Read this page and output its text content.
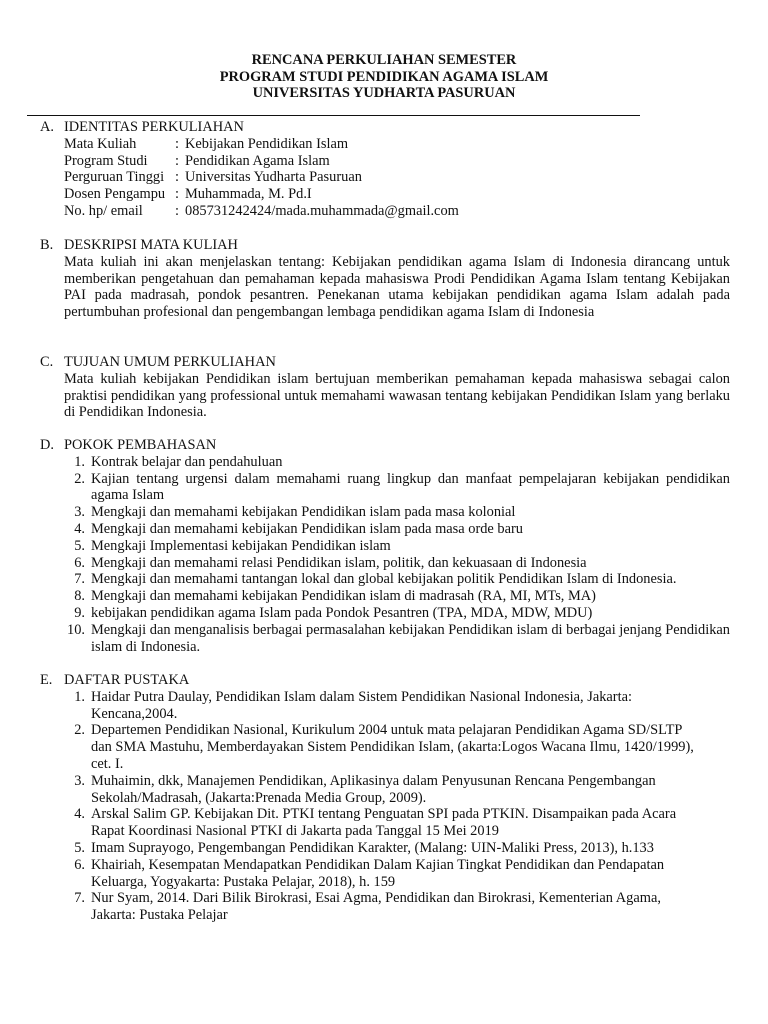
RENCANA PERKULIAHAN SEMESTER
PROGRAM STUDI PENDIDIKAN AGAMA ISLAM
UNIVERSITAS YUDHARTA PASURUAN
A. IDENTITAS PERKULIAHAN
Mata Kuliah	: Kebijakan Pendidikan Islam
Program Studi	: Pendidikan Agama Islam
Perguruan Tinggi : Universitas Yudharta Pasuruan
Dosen Pengampu : Muhammada, M. Pd.I
No. hp/ email	: 085731242424/mada.muhammada@gmail.com
B. DESKRIPSI MATA KULIAH
Mata kuliah ini akan menjelaskan tentang: Kebijakan pendidikan agama Islam di Indonesia dirancang untuk memberikan pengetahuan dan pemahaman kepada mahasiswa Prodi Pendidikan Agama Islam tentang Kebijakan PAI pada madrasah, pondok pesantren. Penekanan utama kebijakan pendidikan agama Islam adalah pada pertumbuhan profesional dan pengembangan lembaga pendidikan agama Islam di Indonesia
C. TUJUAN UMUM PERKULIAHAN
Mata kuliah kebijakan Pendidikan islam bertujuan memberikan pemahaman kepada mahasiswa sebagai calon praktisi pendidikan yang professional untuk memahami wawasan tentang kebijakan Pendidikan Islam yang berlaku di Pendidikan Indonesia.
D. POKOK PEMBAHASAN
1. Kontrak belajar dan pendahuluan
2. Kajian tentang urgensi dalam memahami ruang lingkup dan manfaat pempelajaran kebijakan pendidikan agama Islam
3. Mengkaji dan memahami kebijakan Pendidikan islam pada masa kolonial
4. Mengkaji dan memahami kebijakan Pendidikan islam pada masa orde baru
5. Mengkaji Implementasi kebijakan Pendidikan islam
6. Mengkaji dan memahami relasi Pendidikan islam, politik, dan kekuasaan di Indonesia
7. Mengkaji dan memahami tantangan lokal dan global kebijakan politik Pendidikan Islam di Indonesia.
8. Mengkaji dan memahami kebijakan Pendidikan islam di madrasah (RA, MI, MTs, MA)
9. kebijakan pendidikan agama Islam pada Pondok Pesantren (TPA, MDA, MDW, MDU)
10. Mengkaji dan menganalisis berbagai permasalahan kebijakan Pendidikan islam di berbagai jenjang Pendidikan islam di Indonesia.
E. DAFTAR PUSTAKA
1. Haidar Putra Daulay, Pendidikan Islam dalam Sistem Pendidikan Nasional Indonesia, Jakarta: Kencana,2004.
2. Departemen Pendidikan Nasional, Kurikulum 2004 untuk mata pelajaran Pendidikan Agama SD/SLTP dan SMA Mastuhu, Memberdayakan Sistem Pendidikan Islam, (akarta:Logos Wacana Ilmu, 1420/1999), cet. I.
3. Muhaimin, dkk, Manajemen Pendidikan, Aplikasinya dalam Penyusunan Rencana Pengembangan Sekolah/Madrasah, (Jakarta:Prenada Media Group, 2009).
4. Arskal Salim GP. Kebijakan Dit. PTKI tentang Penguatan SPI pada PTKIN. Disampaikan pada Acara Rapat Koordinasi Nasional PTKI di Jakarta pada Tanggal 15 Mei 2019
5. Imam Suprayogo, Pengembangan Pendidikan Karakter, (Malang: UIN-Maliki Press, 2013), h.133
6. Khairiah, Kesempatan Mendapatkan Pendidikan Dalam Kajian Tingkat Pendidikan dan Pendapatan Keluarga, Yogyakarta: Pustaka Pelajar, 2018), h. 159
7. Nur Syam, 2014. Dari Bilik Birokrasi, Esai Agma, Pendidikan dan Birokrasi, Kementerian Agama, Jakarta: Pustaka Pelajar
